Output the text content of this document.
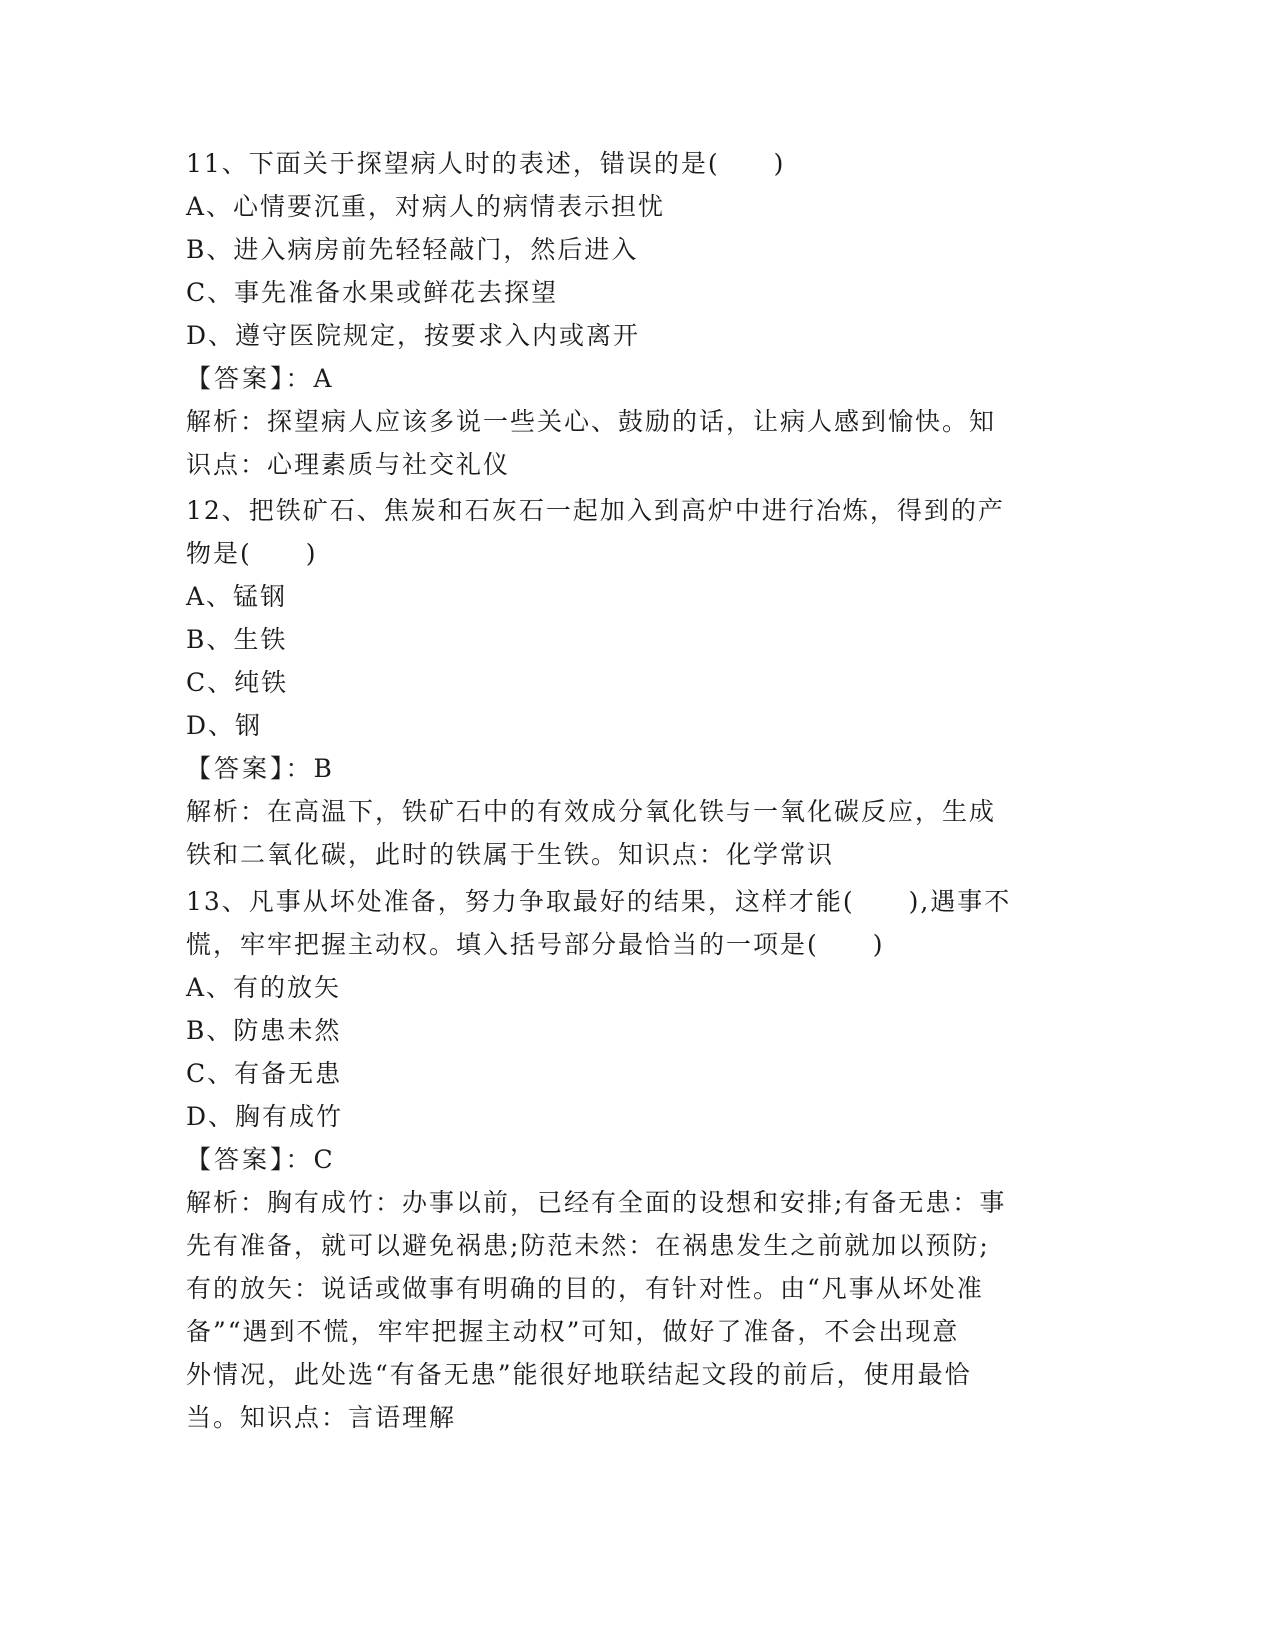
11、下面关于探望病人时的表述，错误的是(　　)
A、心情要沉重，对病人的病情表示担忧
B、进入病房前先轻轻敲门，然后进入
C、事先准备水果或鲜花去探望
D、遵守医院规定，按要求入内或离开
【答案】：A
解析：探望病人应该多说一些关心、鼓励的话，让病人感到愉快。知
识点：心理素质与社交礼仪
12、把铁矿石、焦炭和石灰石一起加入到高炉中进行冶炼，得到的产
物是(　　)
A、锰钢
B、生铁
C、纯铁
D、钢
【答案】：B
解析：在高温下，铁矿石中的有效成分氧化铁与一氧化碳反应，生成
铁和二氧化碳，此时的铁属于生铁。知识点：化学常识
13、凡事从坏处准备，努力争取最好的结果，这样才能(　　),遇事不
慌，牢牢把握主动权。填入括号部分最恰当的一项是(　　)
A、有的放矢
B、防患未然
C、有备无患
D、胸有成竹
【答案】：C
解析：胸有成竹：办事以前，已经有全面的设想和安排;有备无患：事
先有准备，就可以避免祸患;防范未然：在祸患发生之前就加以预防;
有的放矢：说话或做事有明确的目的，有针对性。由“凡事从坏处准
备”“遇到不慌，牢牢把握主动权”可知，做好了准备，不会出现意
外情况，此处选“有备无患”能很好地联结起文段的前后，使用最恰
当。知识点：言语理解
